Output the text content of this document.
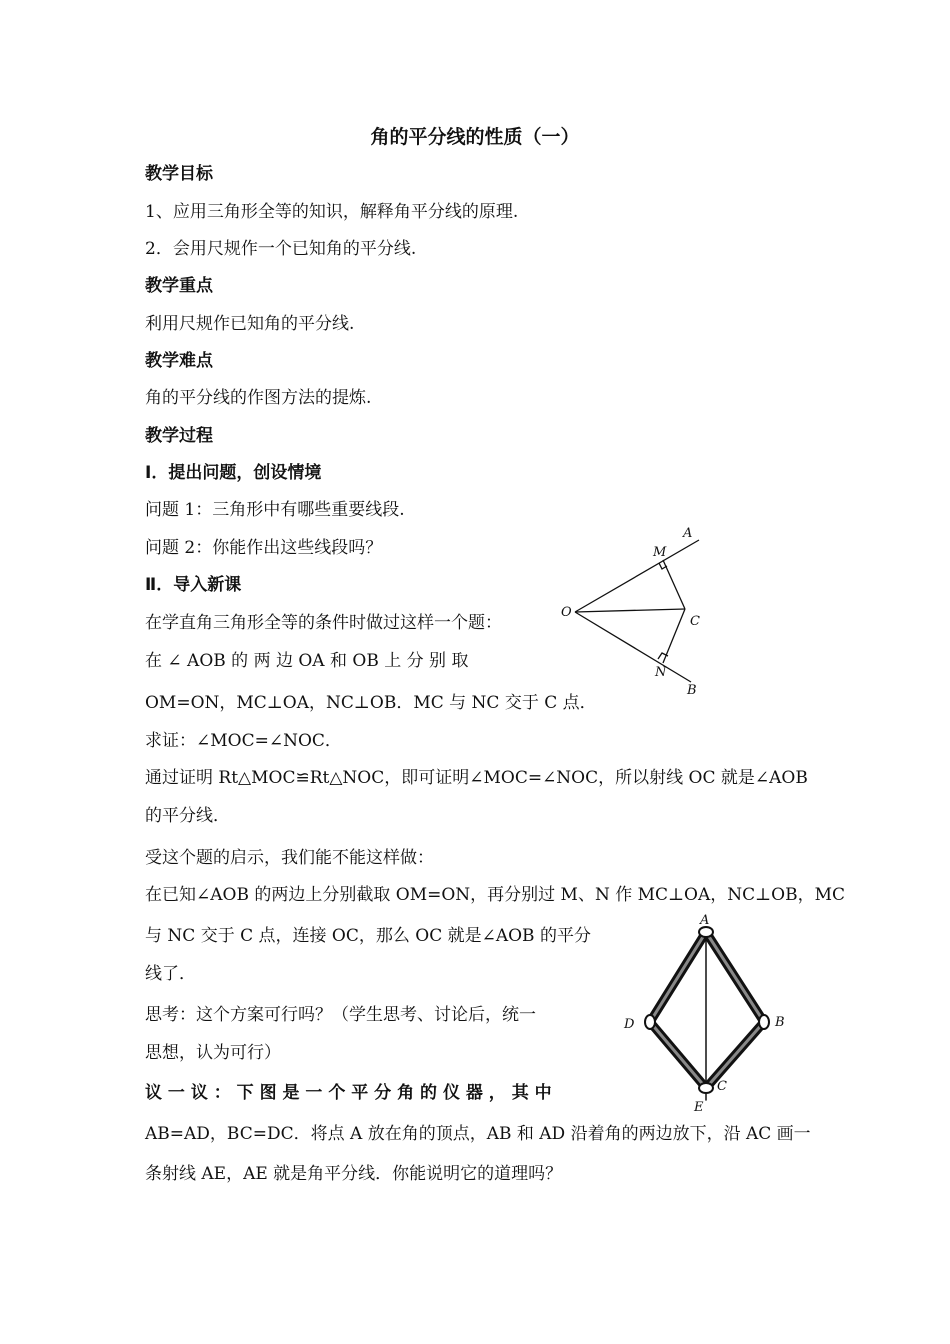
角的平分线的性质（一）
教学目标
1、应用三角形全等的知识，解释角平分线的原理.
2．会用尺规作一个已知角的平分线.
教学重点
利用尺规作已知角的平分线.
教学难点
角的平分线的作图方法的提炼.
教学过程
Ⅰ．提出问题，创设情境
问题 1：三角形中有哪些重要线段.
问题 2：你能作出这些线段吗？
Ⅱ．导入新课
在学直角三角形全等的条件时做过这样一个题：
在 ∠ AOB 的 两 边 OA 和 OB 上 分 别 取
OM=ON，MC⊥OA，NC⊥OB．MC 与 NC 交于 C 点．
求证：∠MOC=∠NOC．
通过证明 Rt△MOC≌Rt△NOC，即可证明∠MOC=∠NOC，所以射线 OC 就是∠AOB
的平分线．
受这个题的启示，我们能不能这样做：
在已知∠AOB 的两边上分别截取 OM=ON，再分别过 M、N 作 MC⊥OA，NC⊥OB，MC
与 NC 交于 C 点，连接 OC，那么 OC 就是∠AOB 的平分
线了．
思考：这个方案可行吗？（学生思考、讨论后，统一
思想，认为可行）
议 一 议 ： 下 图 是 一 个 平 分 角 的 仪 器 ， 其 中
AB=AD，BC=DC．将点 A 放在角的顶点，AB 和 AD 沿着角的两边放下，沿 AC 画一
条射线 AE，AE 就是角平分线．你能说明它的道理吗？
A
M
O
C
N
B
A
B
C
D
E
